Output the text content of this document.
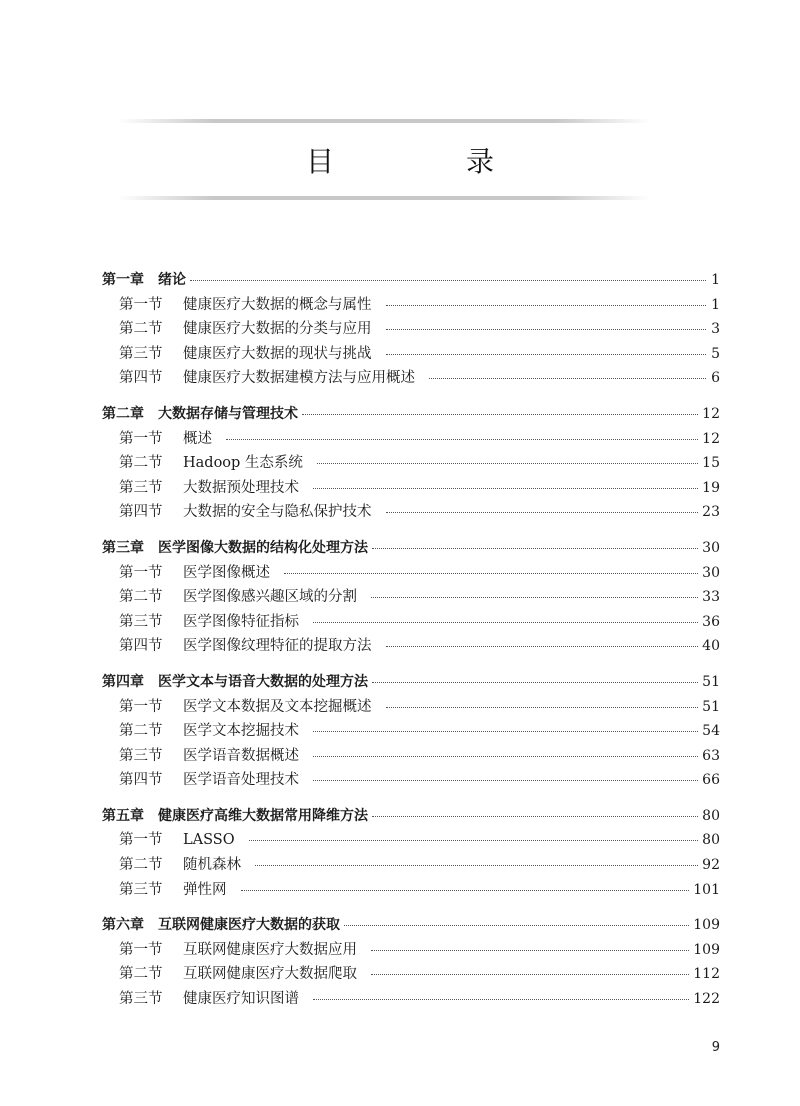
目　录
第一章 绪论	1
第一节	健康医疗大数据的概念与属性	1
第二节	健康医疗大数据的分类与应用	3
第三节	健康医疗大数据的现状与挑战	5
第四节	健康医疗大数据建模方法与应用概述	6
第二章 大数据存储与管理技术	12
第一节	概述	12
第二节	Hadoop 生态系统	15
第三节	大数据预处理技术	19
第四节	大数据的安全与隐私保护技术	23
第三章 医学图像大数据的结构化处理方法	30
第一节	医学图像概述	30
第二节	医学图像感兴趣区域的分割	33
第三节	医学图像特征指标	36
第四节	医学图像纹理特征的提取方法	40
第四章 医学文本与语音大数据的处理方法	51
第一节	医学文本数据及文本挖掘概述	51
第二节	医学文本挖掘技术	54
第三节	医学语音数据概述	63
第四节	医学语音处理技术	66
第五章 健康医疗高维大数据常用降维方法	80
第一节	LASSO	80
第二节	随机森林	92
第三节	弹性网	101
第六章 互联网健康医疗大数据的获取	109
第一节	互联网健康医疗大数据应用	109
第二节	互联网健康医疗大数据爬取	112
第三节	健康医疗知识图谱	122
9
